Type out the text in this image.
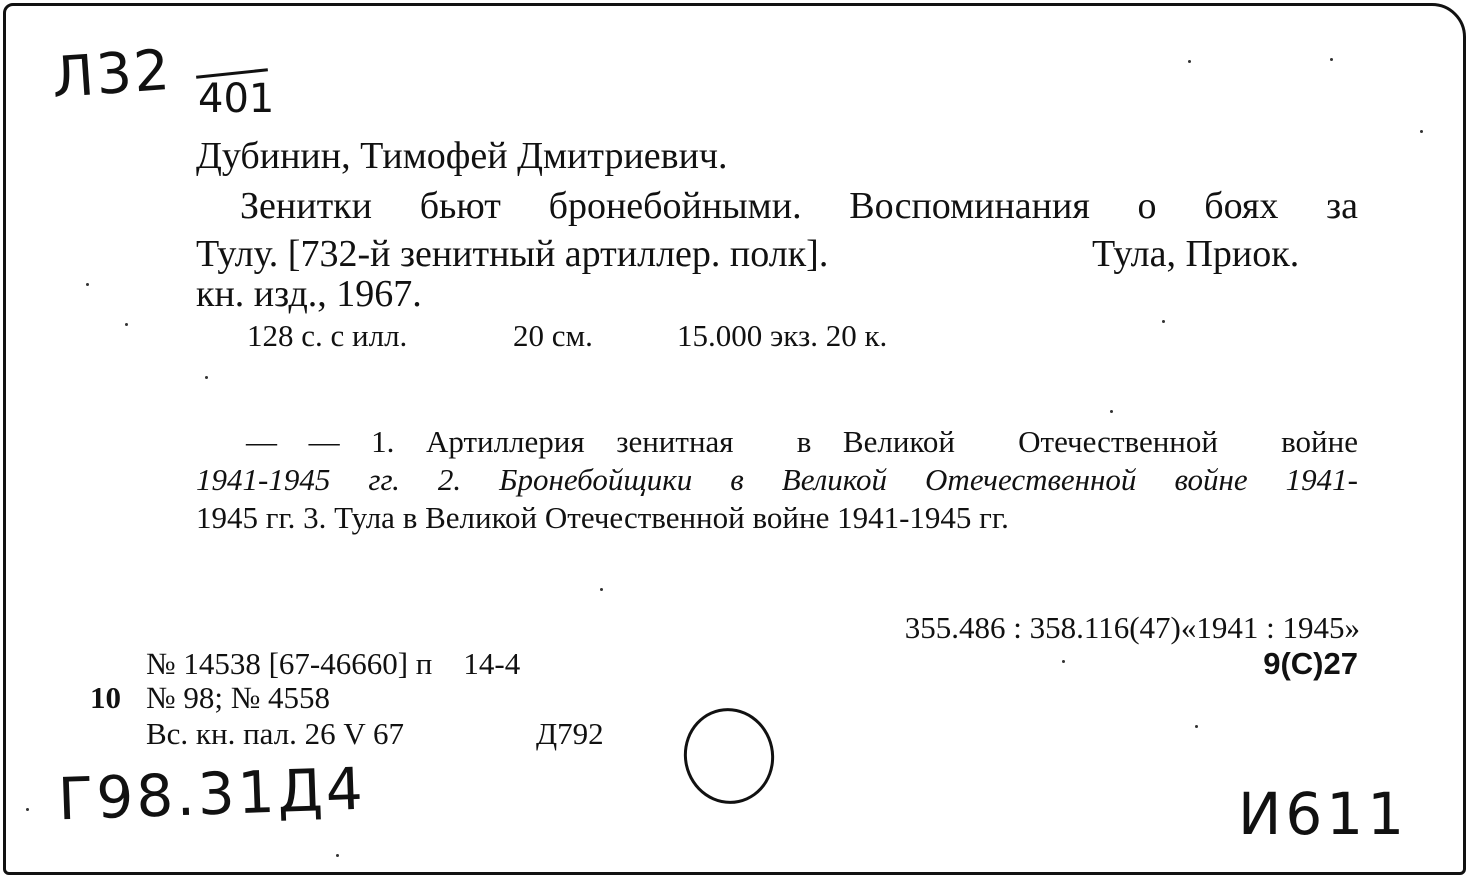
Л32 401
Дубинин, Тимофей Дмитриевич.
Зенитки бьют бронебойными. Воспоминания о боях за
Тулу. [732-й зенитный артиллер. полк].	Тула, Приок.
кн. изд., 1967.
128 с. с илл.	20 см.	15.000 экз. 20 к.
— — 1. Артиллерия зенитная  в Великой  Отечественной  войне
1941-1945 гг. 2. Бронебойщики в Великой Отечественной войне 1941-
1945 гг. 3. Тула в Великой Отечественной войне 1941-1945 гг.
355.486 : 358.116(47)«1941 : 1945»
9(С)27
№ 14538 [67-46660] п    14-4
10 № 98; № 4558
Вс. кн. пал. 26 V 67	Д792
Г98.31Д4	И611
